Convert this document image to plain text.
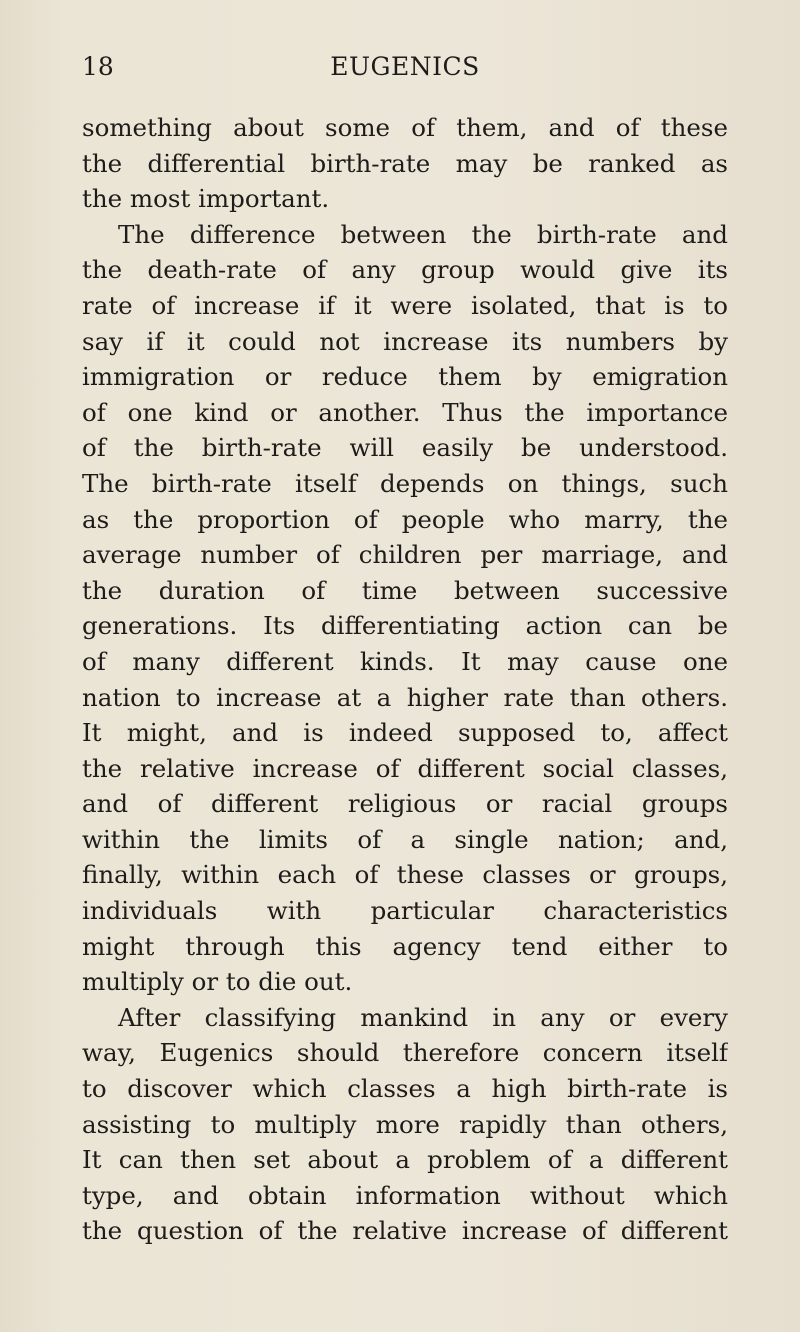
18	EUGENICS
something about some of them, and of these
the differential birth-rate may be ranked as
the most important.
The difference between the birth-rate and
the death-rate of any group would give its
rate of increase if it were isolated, that is to
say if it could not increase its numbers by
immigration or reduce them by emigration
of one kind or another. Thus the importance
of the birth-rate will easily be understood.
The birth-rate itself depends on things, such
as the proportion of people who marry, the
average number of children per marriage, and
the duration of time between successive
generations. Its differentiating action can be
of many different kinds. It may cause one
nation to increase at a higher rate than others.
It might, and is indeed supposed to, affect
the relative increase of different social classes,
and of different religious or racial groups
within the limits of a single nation; and,
finally, within each of these classes or groups,
individuals with particular characteristics
might through this agency tend either to
multiply or to die out.
After classifying mankind in any or every
way, Eugenics should therefore concern itself
to discover which classes a high birth-rate is
assisting to multiply more rapidly than others,
It can then set about a problem of a different
type, and obtain information without which
the question of the relative increase of different
